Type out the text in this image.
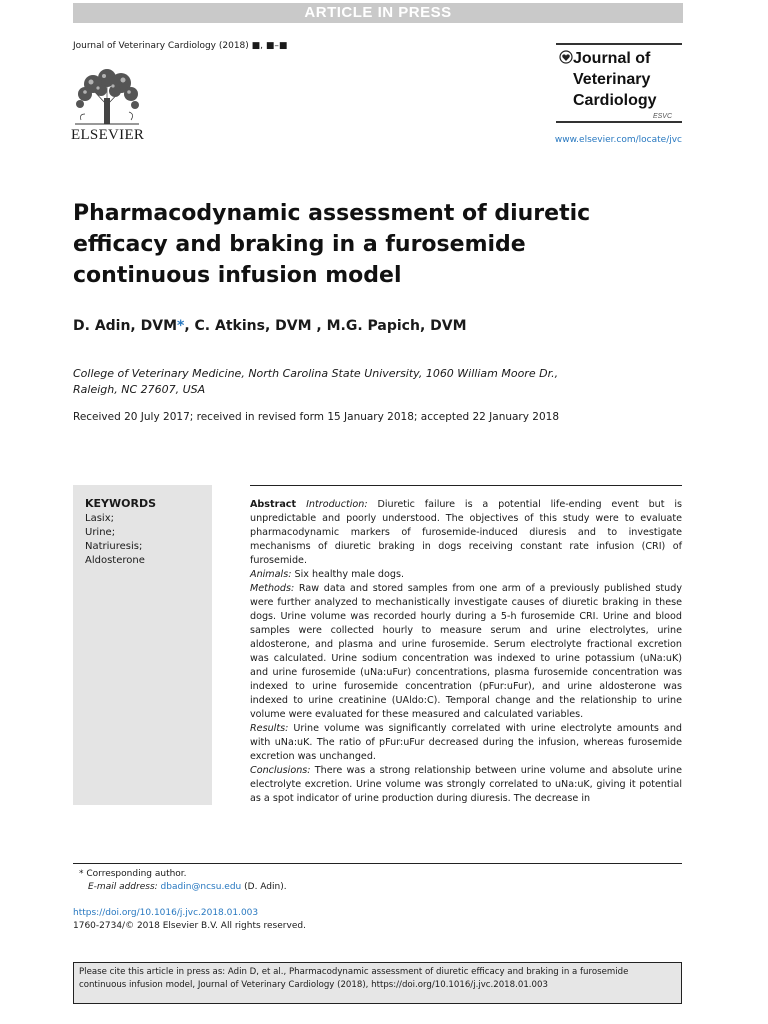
ARTICLE IN PRESS
Journal of Veterinary Cardiology (2018) ■, ■–■
ELSEVIER
Journal of
Veterinary
Cardiology
ESVC
www.elsevier.com/locate/jvc
Pharmacodynamic assessment of diuretic efficacy and braking in a furosemide continuous infusion model
D. Adin, DVM*, C. Atkins, DVM , M.G. Papich, DVM
College of Veterinary Medicine, North Carolina State University, 1060 William Moore Dr., Raleigh, NC 27607, USA
Received 20 July 2017; received in revised form 15 January 2018; accepted 22 January 2018
KEYWORDS
Lasix;
Urine;
Natriuresis;
Aldosterone

Abstract Introduction: Diuretic failure is a potential life-ending event but is unpredictable and poorly understood. The objectives of this study were to evaluate pharmacodynamic markers of furosemide-induced diuresis and to investigate mechanisms of diuretic braking in dogs receiving constant rate infusion (CRI) of furosemide.

Animals: Six healthy male dogs.

Methods: Raw data and stored samples from one arm of a previously published study were further analyzed to mechanistically investigate causes of diuretic braking in these dogs. Urine volume was recorded hourly during a 5-h furosemide CRI. Urine and blood samples were collected hourly to measure serum and urine electrolytes, urine aldosterone, and plasma and urine furosemide. Serum electrolyte fractional excretion was calculated. Urine sodium concentration was indexed to urine potassium (uNa:uK) and urine furosemide (uNa:uFur) concentrations, plasma furosemide concentration was indexed to urine furosemide concentration (pFur:uFur), and urine aldosterone was indexed to urine creatinine (UAldo:C). Temporal change and the relationship to urine volume were evaluated for these measured and calculated variables.

Results: Urine volume was significantly correlated with urine electrolyte amounts and with uNa:uK. The ratio of pFur:uFur decreased during the infusion, whereas furosemide excretion was unchanged.

Conclusions: There was a strong relationship between urine volume and absolute urine electrolyte excretion. Urine volume was strongly correlated to uNa:uK, giving it potential as a spot indicator of urine production during diuresis. The decrease in

* Corresponding author.
E-mail address: dbadin@ncsu.edu (D. Adin).
https://doi.org/10.1016/j.jvc.2018.01.003
1760-2734/© 2018 Elsevier B.V. All rights reserved.
Please cite this article in press as: Adin D, et al., Pharmacodynamic assessment of diuretic efficacy and braking in a furosemide continuous infusion model, Journal of Veterinary Cardiology (2018), https://doi.org/10.1016/j.jvc.2018.01.003
